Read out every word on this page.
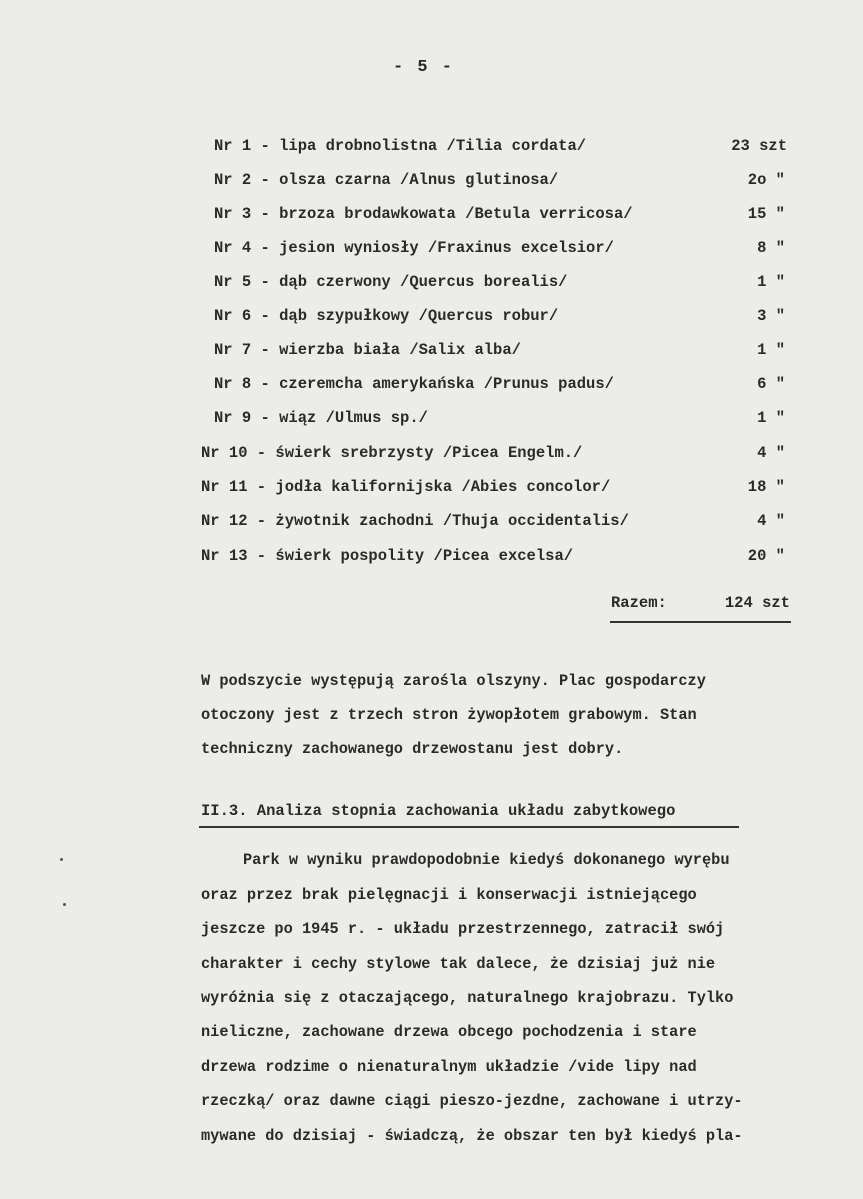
- 5 -
Nr 1 - lipa drobnolistna /Tilia cordata/	23 szt
Nr 2 - olsza czarna /Alnus glutinosa/	2o "
Nr 3 - brzoza brodawkowata /Betula verricosa/	15 "
Nr 4 - jesion wyniosły /Fraxinus excelsior/	8 "
Nr 5 - dąb czerwony /Quercus borealis/	1 "
Nr 6 - dąb szypułkowy /Quercus robur/	3 "
Nr 7 - wierzba biała /Salix alba/	1 "
Nr 8 - czeremcha amerykańska /Prunus padus/	6 "
Nr 9 - wiąz /Ulmus sp./	1 "
Nr 10 - świerk srebrzysty /Picea Engelm./	4 "
Nr 11 - jodła kalifornijska /Abies concolor/	18 "
Nr 12 - żywotnik zachodni /Thuja occidentalis/	4 "
Nr 13 - świerk pospolity /Picea excelsa/	20 "
Razem:	124 szt
W podszycie występują zarośla olszyny. Plac gospodarczy
otoczony jest z trzech stron żywopłotem grabowym. Stan
techniczny zachowanego drzewostanu jest dobry.
II.3. Analiza stopnia zachowania układu zabytkowego
Park w wyniku prawdopodobnie kiedyś dokonanego wyrębu
oraz przez brak pielęgnacji i konserwacji istniejącego
jeszcze po 1945 r. - układu przestrzennego, zatracił swój
charakter i cechy stylowe tak dalece, że dzisiaj już nie
wyróżnia się z otaczającego, naturalnego krajobrazu. Tylko
nieliczne, zachowane drzewa obcego pochodzenia i stare
drzewa rodzime o nienaturalnym układzie /vide lipy nad
rzeczką/ oraz dawne ciągi pieszo-jezdne, zachowane i utrzy-
mywane do dzisiaj - świadczą, że obszar ten był kiedyś pla-
